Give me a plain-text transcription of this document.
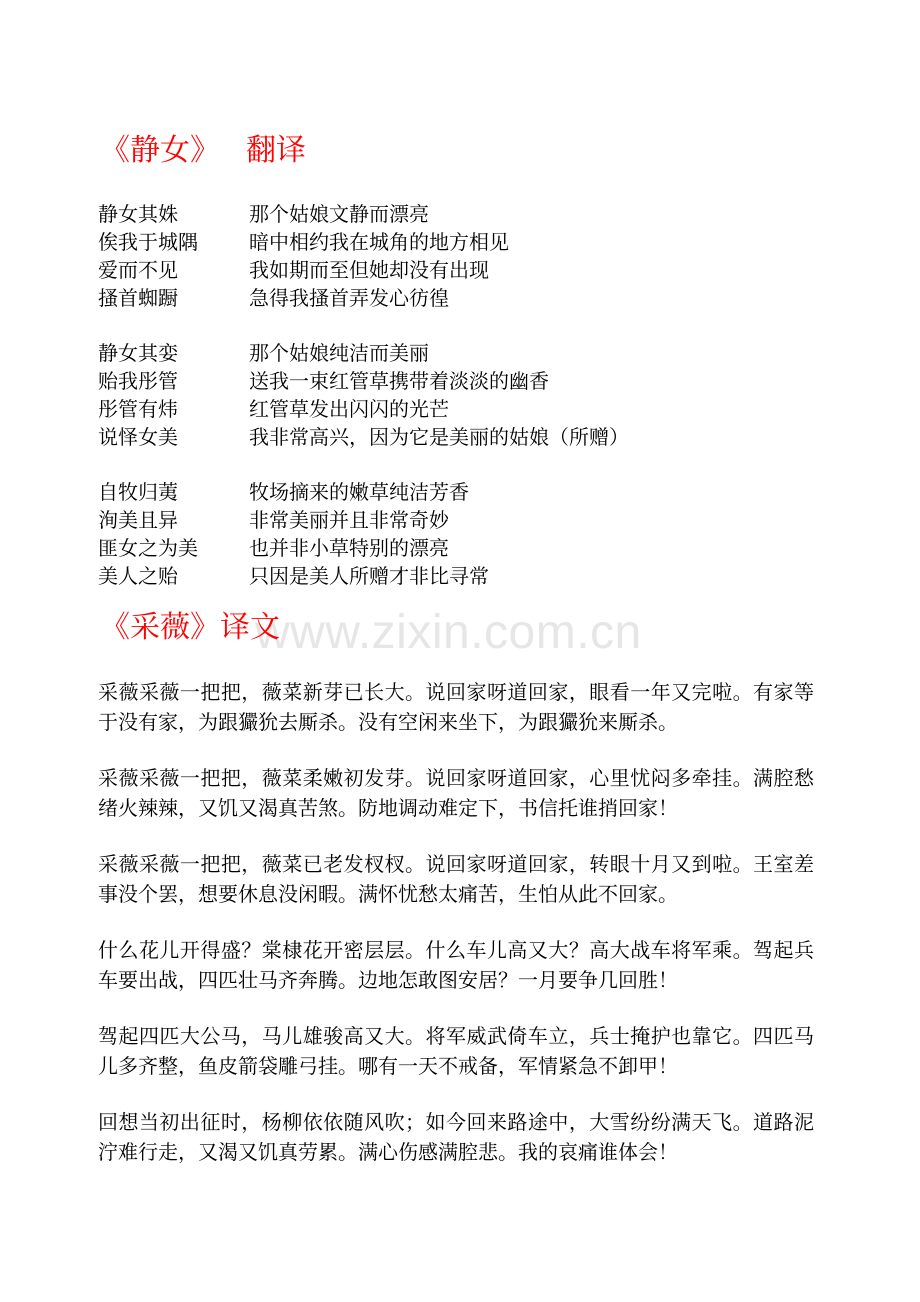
www.zixin.com.cn
《静女》 翻译
静女其姝	那个姑娘文静而漂亮
俟我于城隅	暗中相约我在城角的地方相见
爱而不见	我如期而至但她却没有出现
搔首蜘蹰	急得我搔首弄发心彷徨
静女其娈	那个姑娘纯洁而美丽
贻我彤管	送我一束红管草携带着淡淡的幽香
彤管有炜	红管草发出闪闪的光芒
说怿女美	我非常高兴，因为它是美丽的姑娘（所赠）
自牧归荑	牧场摘来的嫩草纯洁芳香
洵美且异	非常美丽并且非常奇妙
匪女之为美	也并非小草特别的漂亮
美人之贻	只因是美人所赠才非比寻常
《采薇》译文

采薇采薇一把把，薇菜新芽已长大。说回家呀道回家，眼看一年又完啦。有家等于没有家，为跟玁狁去厮杀。没有空闲来坐下，为跟玁狁来厮杀。

采薇采薇一把把，薇菜柔嫩初发芽。说回家呀道回家，心里忧闷多牵挂。满腔愁绪火辣辣，又饥又渴真苦煞。防地调动难定下，书信托谁捎回家！

采薇采薇一把把，薇菜已老发杈杈。说回家呀道回家，转眼十月又到啦。王室差事没个罢，想要休息没闲暇。满怀忧愁太痛苦，生怕从此不回家。

什么花儿开得盛？棠棣花开密层层。什么车儿高又大？高大战车将军乘。驾起兵车要出战，四匹壮马齐奔腾。边地怎敢图安居？一月要争几回胜！

驾起四匹大公马，马儿雄骏高又大。将军威武倚车立，兵士掩护也靠它。四匹马儿多齐整，鱼皮箭袋雕弓挂。哪有一天不戒备，军情紧急不卸甲！

回想当初出征时，杨柳依依随风吹；如今回来路途中，大雪纷纷满天飞。道路泥泞难行走，又渴又饥真劳累。满心伤感满腔悲。我的哀痛谁体会！
